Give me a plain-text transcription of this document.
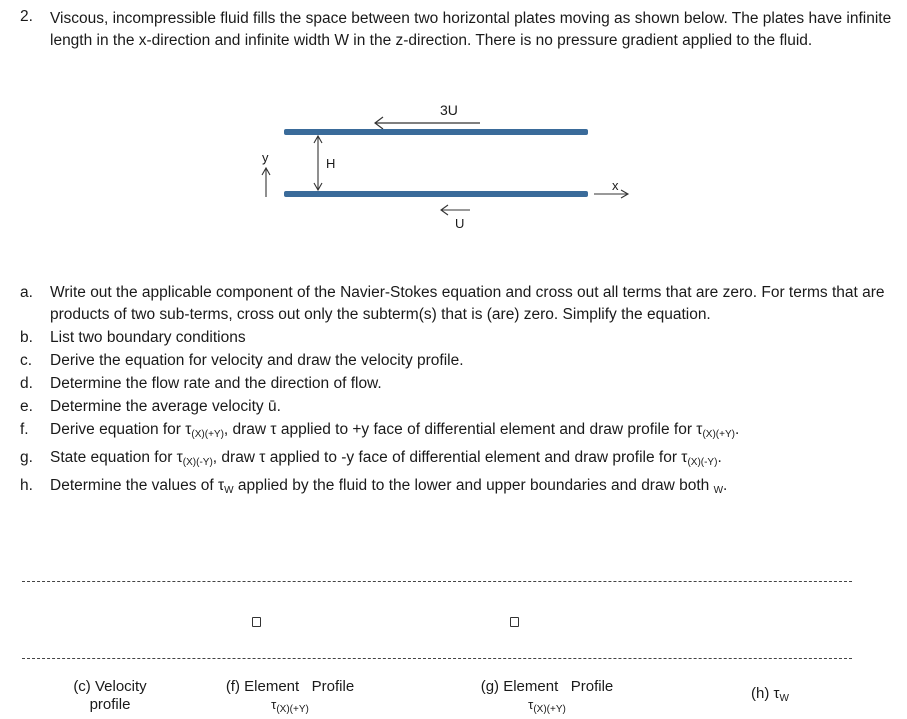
2. Viscous, incompressible fluid fills the space between two horizontal plates moving as shown below. The plates have infinite length in the x-direction and infinite width W in the z-direction. There is no pressure gradient applied to the fluid.
3U
y	H
x
U
a. Write out the applicable component of the Navier-Stokes equation and cross out all terms that are zero. For terms that are products of two sub-terms, cross out only the subterm(s) that is (are) zero. Simplify the equation.
b. List two boundary conditions
c. Derive the equation for velocity and draw the velocity profile.
d. Determine the flow rate and the direction of flow.
e. Determine the average velocity ū.
f. Derive equation for $\tau_{(X)(+Y)}$, draw τ applied to +y face of differential element and draw profile for $\tau_{(X)(+Y)}$.
g. State equation for $\tau_{(X)(-Y)}$, draw τ applied to -y face of differential element and draw profile for $\tau_{(X)(-Y)}$.
h. Determine the values of $\tau_W$ applied by the fluid to the lower and upper boundaries and draw both $_W$.
(c) Velocity
profile
(f) Element   Profile
$\tau_{(X)(+Y)}$
(g) Element   Profile
$\tau_{(X)(+Y)}$
(h) $\tau_W$
